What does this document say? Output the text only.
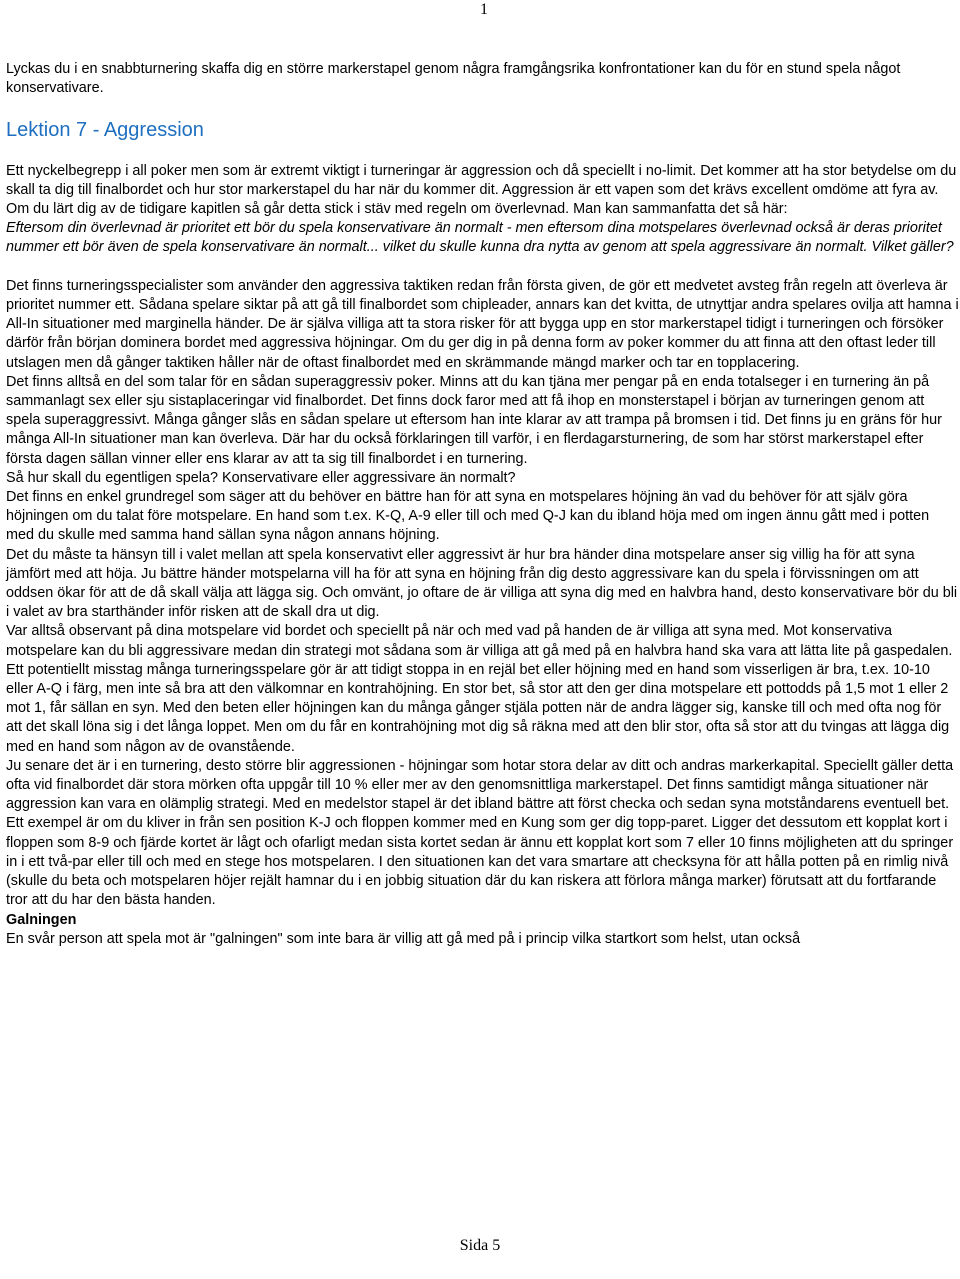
1

Lyckas du i en snabbturnering skaffa dig en större markerstapel genom några framgångsrika konfrontationer kan du för en stund spela något konservativare.

Lektion 7 - Aggression

Ett nyckelbegrepp i all poker men som är extremt viktigt i turneringar är aggression och då speciellt i no-limit. Det kommer att ha stor betydelse om du skall ta dig till finalbordet och hur stor markerstapel du har när du kommer dit. Aggression är ett vapen som det krävs excellent omdöme att fyra av. Om du lärt dig av de tidigare kapitlen så går detta stick i stäv med regeln om överlevnad. Man kan sammanfatta det så här:

Eftersom din överlevnad är prioritet ett bör du spela konservativare än normalt - men eftersom dina motspelares överlevnad också är deras prioritet nummer ett bör även de spela konservativare än normalt... vilket du skulle kunna dra nytta av genom att spela aggressivare än normalt. Vilket gäller?

Det finns turneringsspecialister som använder den aggressiva taktiken redan från första given, de gör ett medvetet avsteg från regeln att överleva är prioritet nummer ett. Sådana spelare siktar på att gå till finalbordet som chipleader, annars kan det kvitta, de utnyttjar andra spelares ovilja att hamna i All-In situationer med marginella händer. De är själva villiga att ta stora risker för att bygga upp en stor markerstapel tidigt i turneringen och försöker därför från början dominera bordet med aggressiva höjningar. Om du ger dig in på denna form av poker kommer du att finna att den oftast leder till utslagen men då gånger taktiken håller när de oftast finalbordet med en skrämmande mängd marker och tar en topplacering.

Det finns alltså en del som talar för en sådan superaggressiv poker. Minns att du kan tjäna mer pengar på en enda totalseger i en turnering än på sammanlagt sex eller sju sistaplaceringar vid finalbordet. Det finns dock faror med att få ihop en monsterstapel i början av turneringen genom att spela superaggressivt. Många gånger slås en sådan spelare ut eftersom han inte klarar av att trampa på bromsen i tid. Det finns ju en gräns för hur många All-In situationer man kan överleva. Där har du också förklaringen till varför, i en flerdagarsturnering, de som har störst markerstapel efter första dagen sällan vinner eller ens klarar av att ta sig till finalbordet i en turnering.

Så hur skall du egentligen spela? Konservativare eller aggressivare än normalt?

Det finns en enkel grundregel som säger att du behöver en bättre han för att syna en motspelares höjning än vad du behöver för att själv göra höjningen om du talat före motspelare. En hand som t.ex. K-Q, A-9 eller till och med Q-J kan du ibland höja med om ingen ännu gått med i potten med du skulle med samma hand sällan syna någon annans höjning.

Det du måste ta hänsyn till i valet mellan att spela konservativt eller aggressivt är hur bra händer dina motspelare anser sig villig ha för att syna jämfört med att höja. Ju bättre händer motspelarna vill ha för att syna en höjning från dig desto aggressivare kan du spela i förvissningen om att oddsen ökar för att de då skall välja att lägga sig. Och omvänt, jo oftare de är villiga att syna dig med en halvbra hand, desto konservativare bör du bli i valet av bra starthänder inför risken att de skall dra ut dig.

Var alltså observant på dina motspelare vid bordet och speciellt på när och med vad på handen de är villiga att syna med. Mot konservativa motspelare kan du bli aggressivare medan din strategi mot sådana som är villiga att gå med på en halvbra hand ska vara att lätta lite på gaspedalen.

Ett potentiellt misstag många turneringsspelare gör är att tidigt stoppa in en rejäl bet eller höjning med en hand som visserligen är bra, t.ex. 10-10 eller A-Q i färg, men inte så bra att den välkomnar en kontrahöjning. En stor bet, så stor att den ger dina motspelare ett pottodds på 1,5 mot 1 eller 2 mot 1, får sällan en syn. Med den beten eller höjningen kan du många gånger stjäla potten när de andra lägger sig, kanske till och med ofta nog för att det skall löna sig i det långa loppet. Men om du får en kontrahöjning mot dig så räkna med att den blir stor, ofta så stor att du tvingas att lägga dig med en hand som någon av de ovanstående.

Ju senare det är i en turnering, desto större blir aggressionen - höjningar som hotar stora delar av ditt och andras markerkapital. Speciellt gäller detta ofta vid finalbordet där stora mörken ofta uppgår till 10 % eller mer av den genomsnittliga markerstapel. Det finns samtidigt många situationer när aggression kan vara en olämplig strategi. Med en medelstor stapel är det ibland bättre att först checka och sedan syna motståndarens eventuell bet. Ett exempel är om du kliver in från sen position K-J och floppen kommer med en Kung som ger dig topp-paret. Ligger det dessutom ett kopplat kort i floppen som 8-9 och fjärde kortet är lågt och ofarligt medan sista kortet sedan är ännu ett kopplat kort som 7 eller 10 finns möjligheten att du springer in i ett två-par eller till och med en stege hos motspelaren. I den situationen kan det vara smartare att checksyna för att hålla potten på en rimlig nivå (skulle du beta och motspelaren höjer rejält hamnar du i en jobbig situation där du kan riskera att förlora många marker) förutsatt att du fortfarande tror att du har den bästa handen.

Galningen

En svår person att spela mot är "galningen" som inte bara är villig att gå med på i princip vilka startkort som helst, utan också

Sida 5
